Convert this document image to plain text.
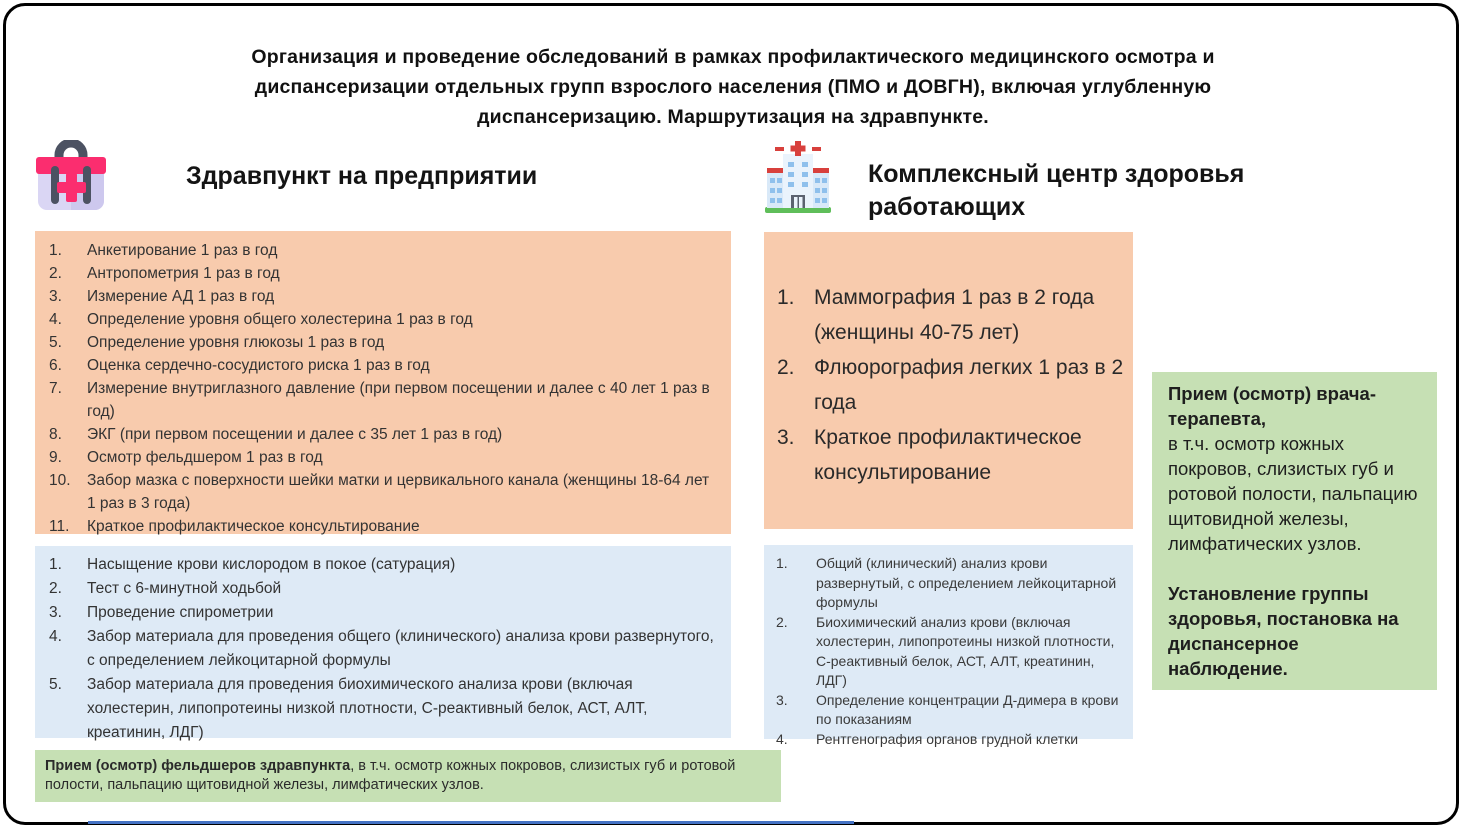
Организация и проведение обследований в рамках профилактического медицинского осмотра и
диспансеризации отдельных групп взрослого населения (ПМО и ДОВГН), включая углубленную
диспансеризацию. Маршрутизация на здравпункте.
Здравпункт на предприятии	Комплексный центр здоровья работающих
1.	Анкетирование 1 раз в год
2.	Антропометрия 1 раз в год
3.	Измерение АД 1 раз в год
4.	Определение уровня общего холестерина 1 раз в год
5.	Определение уровня глюкозы 1 раз в год
6.	Оценка сердечно-сосудистого риска 1 раз в год
7.	Измерение внутриглазного давление (при первом посещении и далее с 40 лет 1 раз в год)
8.	ЭКГ (при первом посещении и далее с 35 лет 1 раз в год)
9.	Осмотр фельдшером 1 раз в год
10.	Забор мазка с поверхности шейки матки и цервикального канала (женщины 18-64 лет 1 раз в 3 года)
11.	Краткое профилактическое консультирование
1.	Насыщение крови кислородом в покое (сатурация)
2.	Тест с 6-минутной ходьбой
3.	Проведение спирометрии
4.	Забор материала для проведения общего (клинического) анализа крови развернутого, с определением лейкоцитарной формулы
5.	Забор материала для проведения биохимического анализа крови (включая холестерин, липопротеины низкой плотности, С-реактивный белок, АСТ, АЛТ, креатинин, ЛДГ)
Прием (осмотр) фельдшеров здравпункта, в т.ч. осмотр кожных покровов, слизистых губ и ротовой полости, пальпацию щитовидной железы, лимфатических узлов.
1. Маммография 1 раз в 2 года (женщины 40-75 лет)
2. Флюорография легких 1 раз в 2 года
3. Краткое профилактическое консультирование
1.	Общий (клинический) анализ крови развернутый, с определением лейкоцитарной формулы
2.	Биохимический анализ крови (включая холестерин, липопротеины низкой плотности, С-реактивный белок, АСТ, АЛТ, креатинин, ЛДГ)
3.	Определение концентрации Д-димера в крови по показаниям
4.	Рентгенография органов грудной клетки
Прием (осмотр) врача-терапевта,
в т.ч. осмотр кожных покровов, слизистых губ и ротовой полости, пальпацию щитовидной железы, лимфатических узлов.
Установление группы здоровья, постановка на диспансерное наблюдение.
